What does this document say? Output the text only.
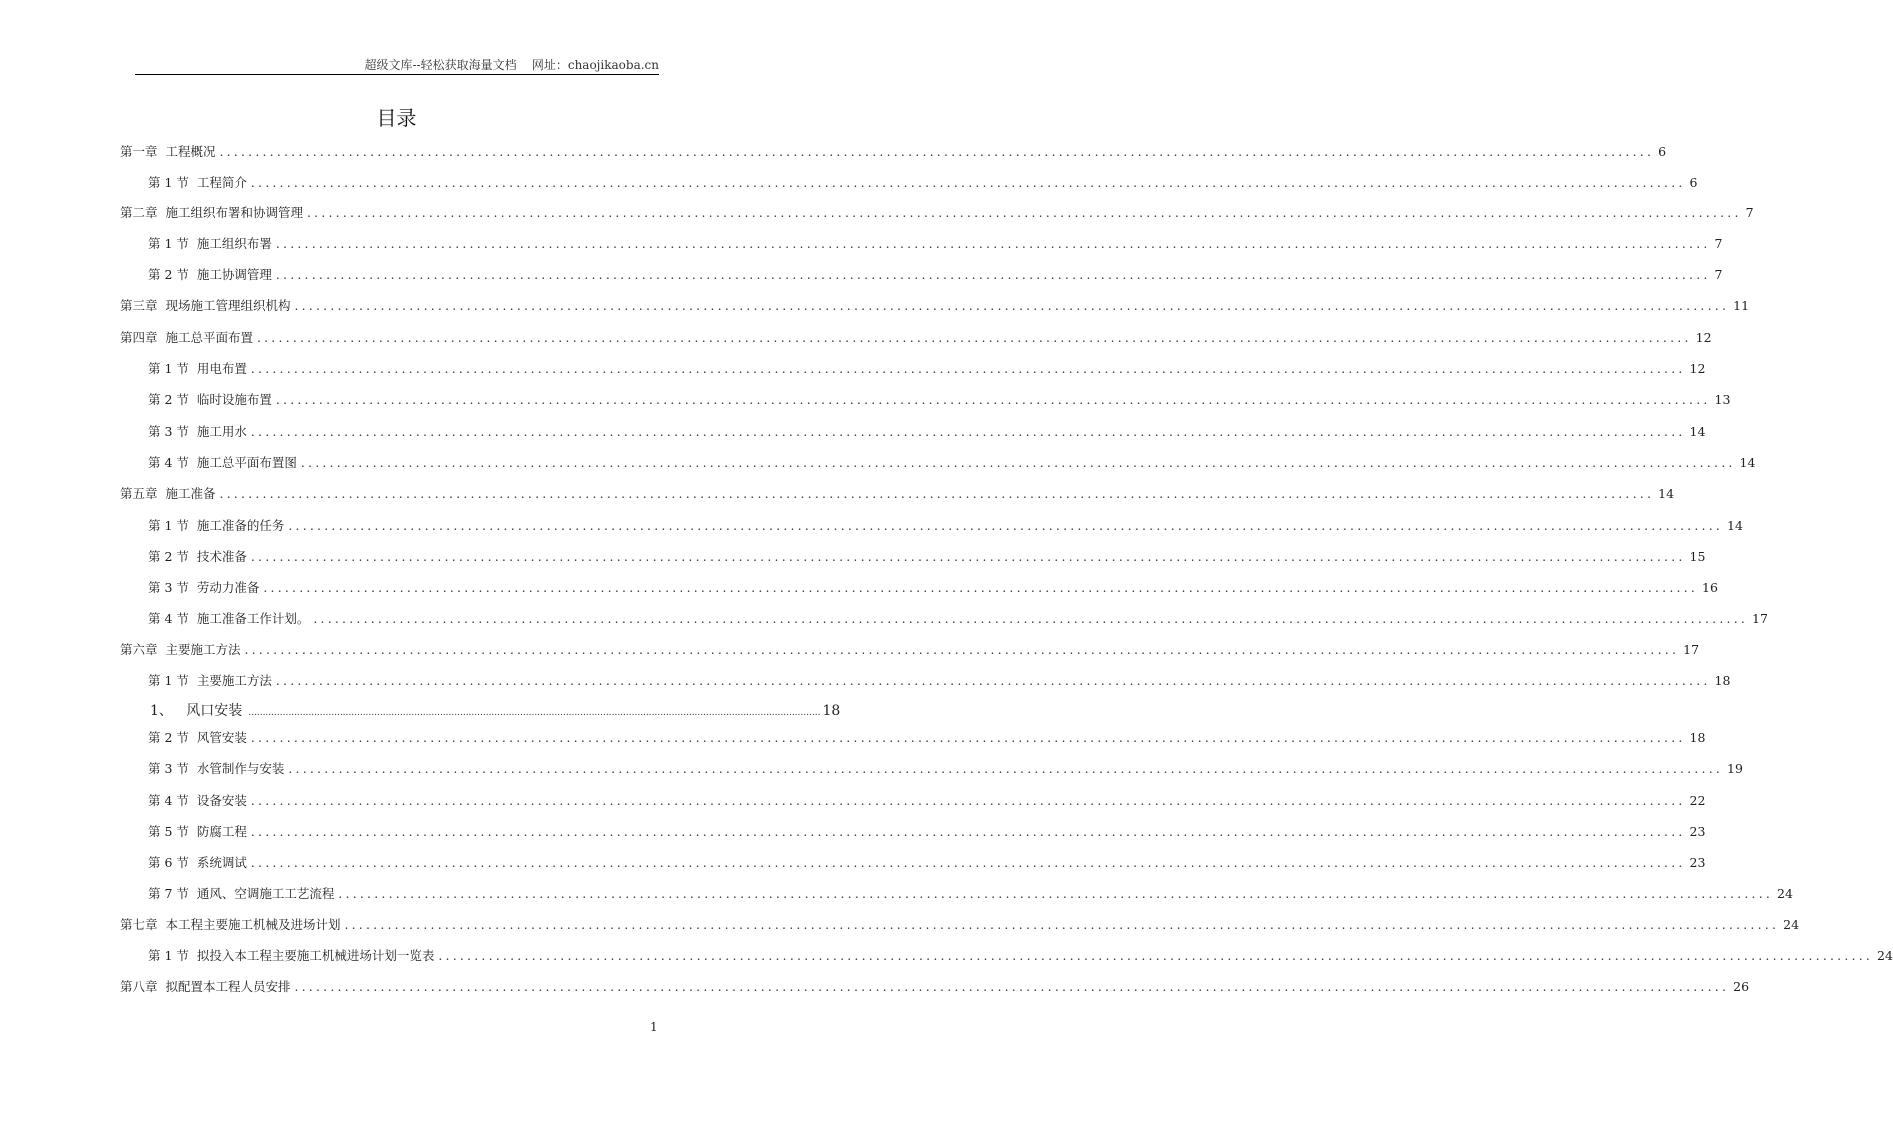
超级文库--轻松获取海量文档    网址：chaojikaoba.cn
目录
第一章  工程概况 ........................................................................................................................................................................................................ 6
第 1 节  工程简介 ........................................................................................................................................................................................................ 6
第二章  施工组织布署和协调管理 ........................................................................................................................................................................................................ 7
第 1 节  施工组织布署 ........................................................................................................................................................................................................ 7
第 2 节  施工协调管理 ........................................................................................................................................................................................................ 7
第三章  现场施工管理组织机构 ........................................................................................................................................................................................................ 11
第四章  施工总平面布置 ........................................................................................................................................................................................................ 12
第 1 节  用电布置 ........................................................................................................................................................................................................ 12
第 2 节  临时设施布置 ........................................................................................................................................................................................................ 13
第 3 节  施工用水 ........................................................................................................................................................................................................ 14
第 4 节  施工总平面布置图 ........................................................................................................................................................................................................ 14
第五章  施工准备 ........................................................................................................................................................................................................ 14
第 1 节  施工准备的任务 ........................................................................................................................................................................................................ 14
第 2 节  技术准备 ........................................................................................................................................................................................................ 15
第 3 节  劳动力准备 ........................................................................................................................................................................................................ 16
第 4 节  施工准备工作计划。 ........................................................................................................................................................................................................ 17
第六章  主要施工方法 ........................................................................................................................................................................................................ 17
第 1 节  主要施工方法 ........................................................................................................................................................................................................ 18
1、   风口安装 ........................................................................................................................................................................................................ 18
第 2 节  风管安装 ........................................................................................................................................................................................................ 18
第 3 节  水管制作与安装 ........................................................................................................................................................................................................ 19
第 4 节  设备安装 ........................................................................................................................................................................................................ 22
第 5 节  防腐工程 ........................................................................................................................................................................................................ 23
第 6 节  系统调试 ........................................................................................................................................................................................................ 23
第 7 节  通风、空调施工工艺流程 ........................................................................................................................................................................................................ 24
第七章  本工程主要施工机械及进场计划 ........................................................................................................................................................................................................ 24
第 1 节  拟投入本工程主要施工机械进场计划一览表 ........................................................................................................................................................................................................ 24
第八章  拟配置本工程人员安排 ........................................................................................................................................................................................................ 26
1
